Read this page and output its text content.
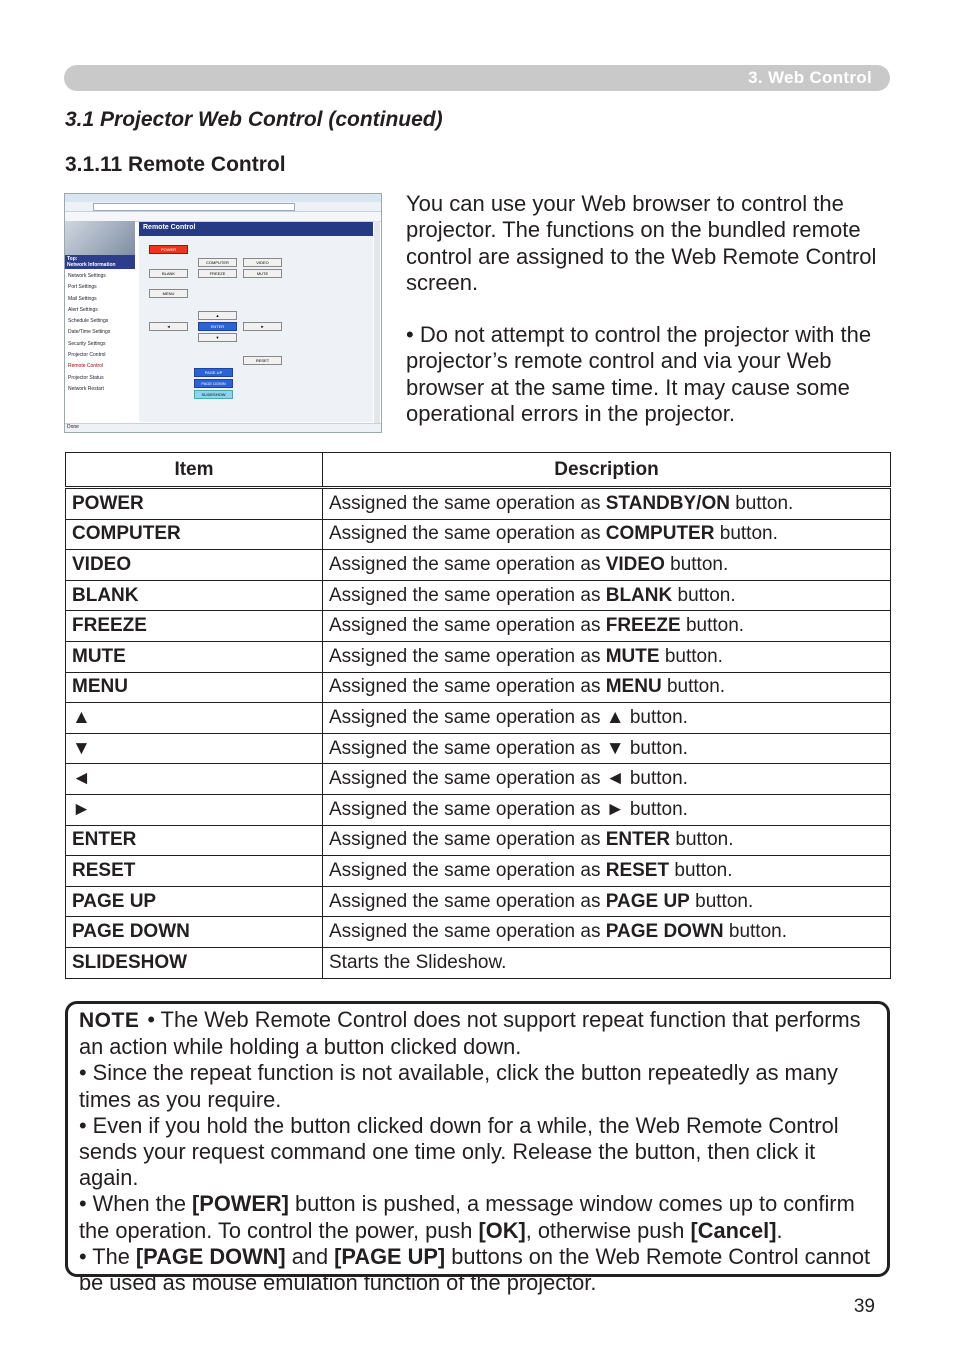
3. Web Control
3.1 Projector Web Control (continued)
3.1.11 Remote Control
Top:
Network Information
Network Settings
Port Settings
Mail Settings
Alert Settings
Schedule Settings
Date/Time Settings
Security Settings
Projector Control
Remote Control
Projector Status
Network Restart
Remote Control
POWER
COMPUTER	VIDEO
BLANK	FREEZE	MUTE
MENU
▲
◄	ENTER	►
▼
RESET
PAGE UP
PAGE DOWN
SLIDESHOW
Done

You can use your Web browser to control the projector. The functions on the bundled remote control are assigned to the Web Remote Control screen.

• Do not attempt to control the projector with the projector’s remote control and via your Web browser at the same time. It may cause some operational errors in the projector.

Item	Description
POWER	Assigned the same operation as STANDBY/ON button.
COMPUTER	Assigned the same operation as COMPUTER button.
VIDEO	Assigned the same operation as VIDEO button.
BLANK	Assigned the same operation as BLANK button.
FREEZE	Assigned the same operation as FREEZE button.
MUTE	Assigned the same operation as MUTE button.
MENU	Assigned the same operation as MENU button.
▲	Assigned the same operation as ▲ button.
▼	Assigned the same operation as ▼ button.
◄	Assigned the same operation as ◄ button.
►	Assigned the same operation as ► button.
ENTER	Assigned the same operation as ENTER button.
RESET	Assigned the same operation as RESET button.
PAGE UP	Assigned the same operation as PAGE UP button.
PAGE DOWN	Assigned the same operation as PAGE DOWN button.
SLIDESHOW	Starts the Slideshow.

NOTE • The Web Remote Control does not support repeat function that performs an action while holding a button clicked down.

• Since the repeat function is not available, click the button repeatedly as many times as you require.

• Even if you hold the button clicked down for a while, the Web Remote Control sends your request command one time only. Release the button, then click it again.

• When the [POWER] button is pushed, a message window comes up to confirm the operation. To control the power, push [OK], otherwise push [Cancel].

• The [PAGE DOWN] and [PAGE UP] buttons on the Web Remote Control cannot be used as mouse emulation function of the projector.

39
